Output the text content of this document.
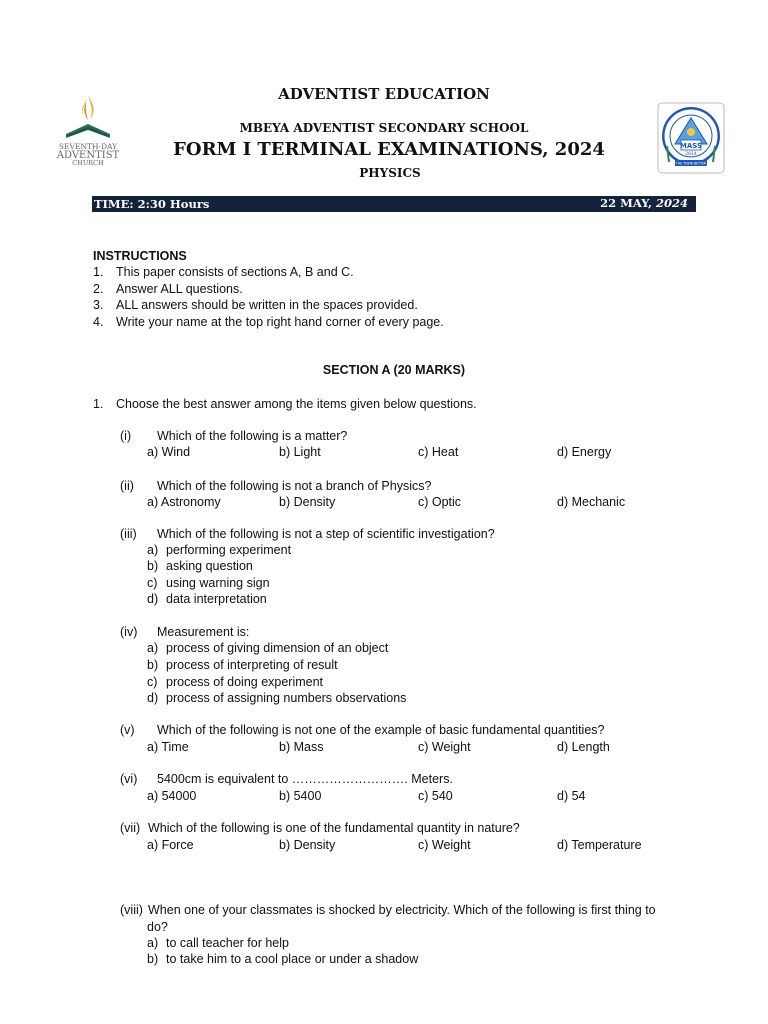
SEVENTH-DAY
ADVENTIST
CHURCH
MASS
2014
THE THINK BETTER
ADVENTIST EDUCATION
MBEYA ADVENTIST SECONDARY SCHOOL
FORM I TERMINAL EXAMINATIONS, 2024
PHYSICS
TIME: 2:30 Hours	22 MAY, 2024
INSTRUCTIONS
1. This paper consists of sections A, B and C.
2. Answer ALL questions.
3. ALL answers should be written in the spaces provided.
4. Write your name at the top right hand corner of every page.
SECTION A (20 MARKS)
1. Choose the best answer among the items given below questions.
(i) Which of the following is a matter?
a) Wind	b) Light	c) Heat	d) Energy
(ii) Which of the following is not a branch of Physics?
a) Astronomy	b) Density	c) Optic	d) Mechanic
(iii) Which of the following is not a step of scientific investigation?
a) performing experiment
b) asking question
c) using warning sign
d) data interpretation
(iv) Measurement is:
a) process of giving dimension of an object
b) process of interpreting of result
c) process of doing experiment
d) process of assigning numbers observations
(v) Which of the following is not one of the example of basic fundamental quantities?
a) Time	b) Mass	c) Weight	d) Length
(vi) 5400cm is equivalent to ………………………. Meters.
a) 54000	b) 5400	c) 540	d) 54
(vii) Which of the following is one of the fundamental quantity in nature?
a) Force	b) Density	c) Weight	d) Temperature
(viii) When one of your classmates is shocked by electricity. Which of the following is first thing to
do?
a) to call teacher for help
b) to take him to a cool place or under a shadow
